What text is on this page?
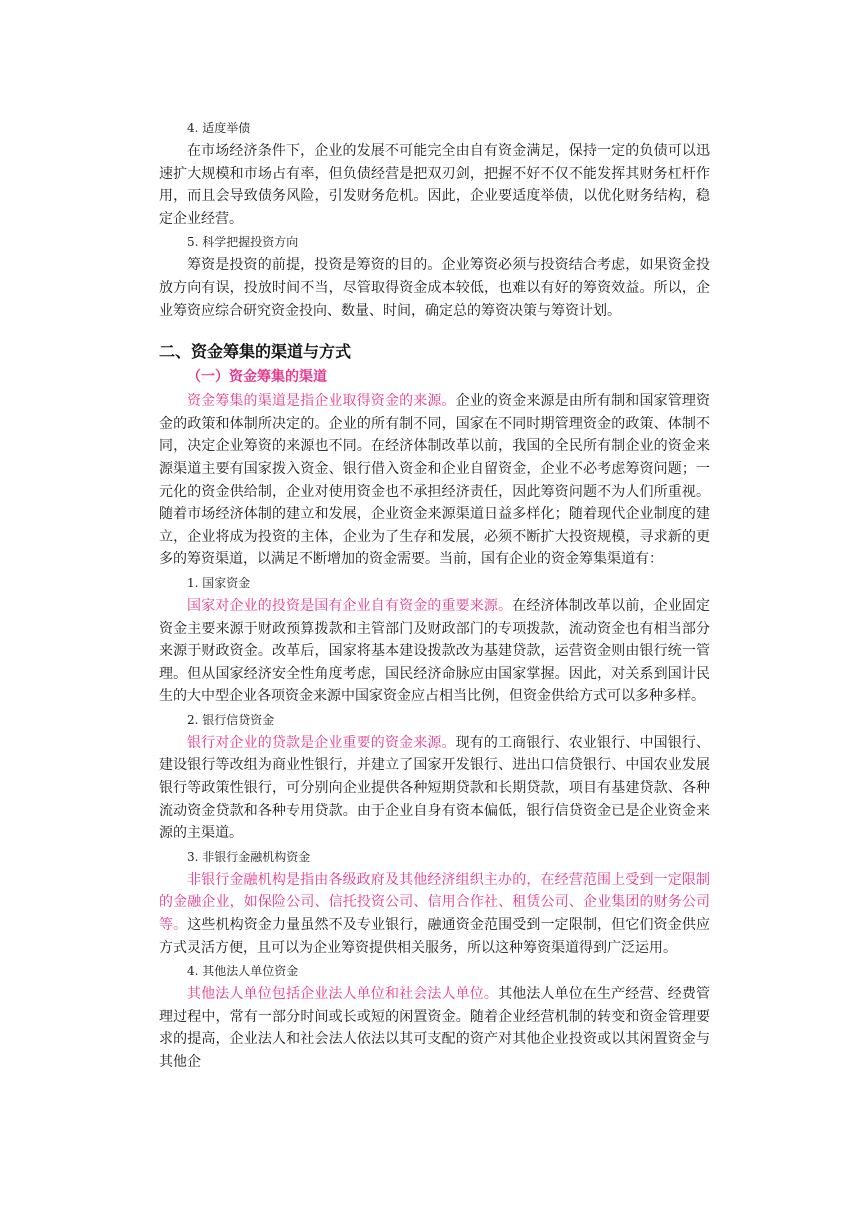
4. 适度举债

在市场经济条件下，企业的发展不可能完全由自有资金满足，保持一定的负债可以迅速扩大规模和市场占有率，但负债经营是把双刃剑，把握不好不仅不能发挥其财务杠杆作用，而且会导致债务风险，引发财务危机。因此，企业要适度举债，以优化财务结构，稳定企业经营。

5. 科学把握投资方向

筹资是投资的前提，投资是筹资的目的。企业筹资必须与投资结合考虑，如果资金投放方向有误，投放时间不当，尽管取得资金成本较低，也难以有好的筹资效益。所以，企业筹资应综合研究资金投向、数量、时间，确定总的筹资决策与筹资计划。

二、资金筹集的渠道与方式
（一）资金筹集的渠道

资金筹集的渠道是指企业取得资金的来源。企业的资金来源是由所有制和国家管理资金的政策和体制所决定的。企业的所有制不同，国家在不同时期管理资金的政策、体制不同，决定企业筹资的来源也不同。在经济体制改革以前，我国的全民所有制企业的资金来源渠道主要有国家拨入资金、银行借入资金和企业自留资金，企业不必考虑筹资问题；一元化的资金供给制，企业对使用资金也不承担经济责任，因此筹资问题不为人们所重视。随着市场经济体制的建立和发展，企业资金来源渠道日益多样化；随着现代企业制度的建立，企业将成为投资的主体，企业为了生存和发展，必须不断扩大投资规模，寻求新的更多的筹资渠道，以满足不断增加的资金需要。当前，国有企业的资金筹集渠道有：

1. 国家资金

国家对企业的投资是国有企业自有资金的重要来源。在经济体制改革以前，企业固定资金主要来源于财政预算拨款和主管部门及财政部门的专项拨款，流动资金也有相当部分来源于财政资金。改革后，国家将基本建设拨款改为基建贷款，运营资金则由银行统一管理。但从国家经济安全性角度考虑，国民经济命脉应由国家掌握。因此，对关系到国计民生的大中型企业各项资金来源中国家资金应占相当比例，但资金供给方式可以多种多样。

2. 银行信贷资金

银行对企业的贷款是企业重要的资金来源。现有的工商银行、农业银行、中国银行、建设银行等改组为商业性银行，并建立了国家开发银行、进出口信贷银行、中国农业发展银行等政策性银行，可分别向企业提供各种短期贷款和长期贷款，项目有基建贷款、各种流动资金贷款和各种专用贷款。由于企业自身有资本偏低，银行信贷资金已是企业资金来源的主渠道。

3. 非银行金融机构资金

非银行金融机构是指由各级政府及其他经济组织主办的，在经营范围上受到一定限制的金融企业，如保险公司、信托投资公司、信用合作社、租赁公司、企业集团的财务公司等。这些机构资金力量虽然不及专业银行，融通资金范围受到一定限制，但它们资金供应方式灵活方便，且可以为企业筹资提供相关服务，所以这种筹资渠道得到广泛运用。

4. 其他法人单位资金

其他法人单位包括企业法人单位和社会法人单位。其他法人单位在生产经营、经费管理过程中，常有一部分时间或长或短的闲置资金。随着企业经营机制的转变和资金管理要求的提高，企业法人和社会法人依法以其可支配的资产对其他企业投资或以其闲置资金与其他企
